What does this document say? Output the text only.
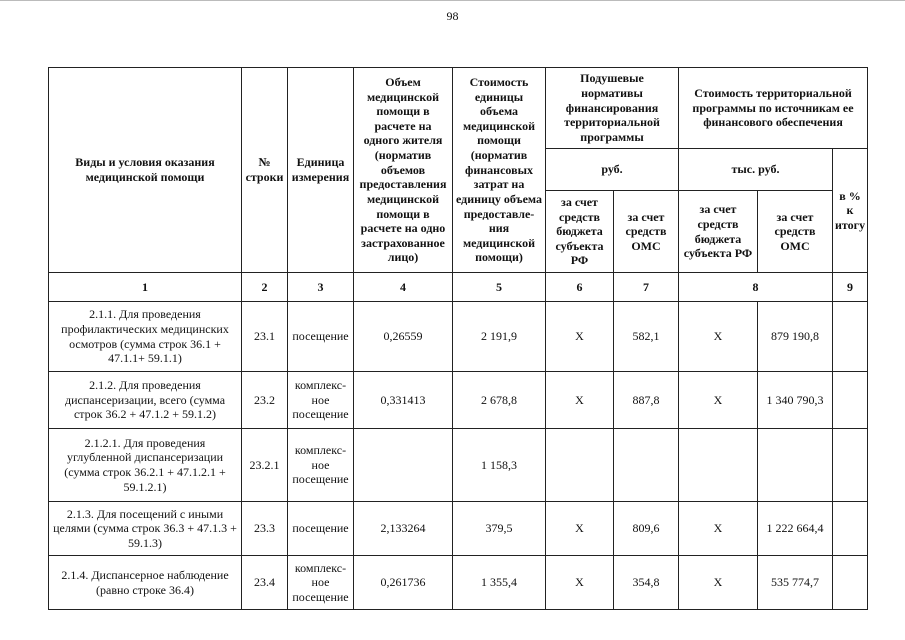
98
Виды и условия оказания медицинской помощи	№ строки	Единица измерения	Объем медицинской помощи в расчете на одного жителя (норматив объемов предоставления медицинской помощи в расчете на одно застрахованное лицо)	Стоимость единицы объема медицинской помощи (норматив финансовых затрат на единицу объема предоставле-ния медицинской помощи)	Подушевые нормативы финансирования территориальной программы		Стоимость территориальной программы по источникам ее финансового обеспечения		
					руб.		тыс. руб.		в % к итогу
					за счет средств бюджета субъекта РФ	за счет средств ОМС	за счет средств бюджета субъекта РФ	за счет средств ОМС	
1	2	3	4	5	6	7	8		9
2.1.1. Для проведения профилактических медицинских осмотров (сумма строк 36.1 + 47.1.1+ 59.1.1)	23.1	посещение	0,26559	2 191,9	X	582,1	X	879 190,8	
2.1.2. Для проведения диспансеризации, всего (сумма строк 36.2 + 47.1.2 + 59.1.2)	23.2	комплекс-ное посещение	0,331413	2 678,8	X	887,8	X	1 340 790,3	
2.1.2.1. Для проведения углубленной диспансеризации (сумма строк 36.2.1 + 47.1.2.1 + 59.1.2.1)	23.2.1	комплекс-ное посещение		1 158,3					
2.1.3. Для посещений с иными целями (сумма строк 36.3 + 47.1.3 + 59.1.3)	23.3	посещение	2,133264	379,5	X	809,6	X	1 222 664,4	
2.1.4. Диспансерное наблюдение (равно строке 36.4)	23.4	комплекс-ное посещение	0,261736	1 355,4	X	354,8	X	535 774,7	
